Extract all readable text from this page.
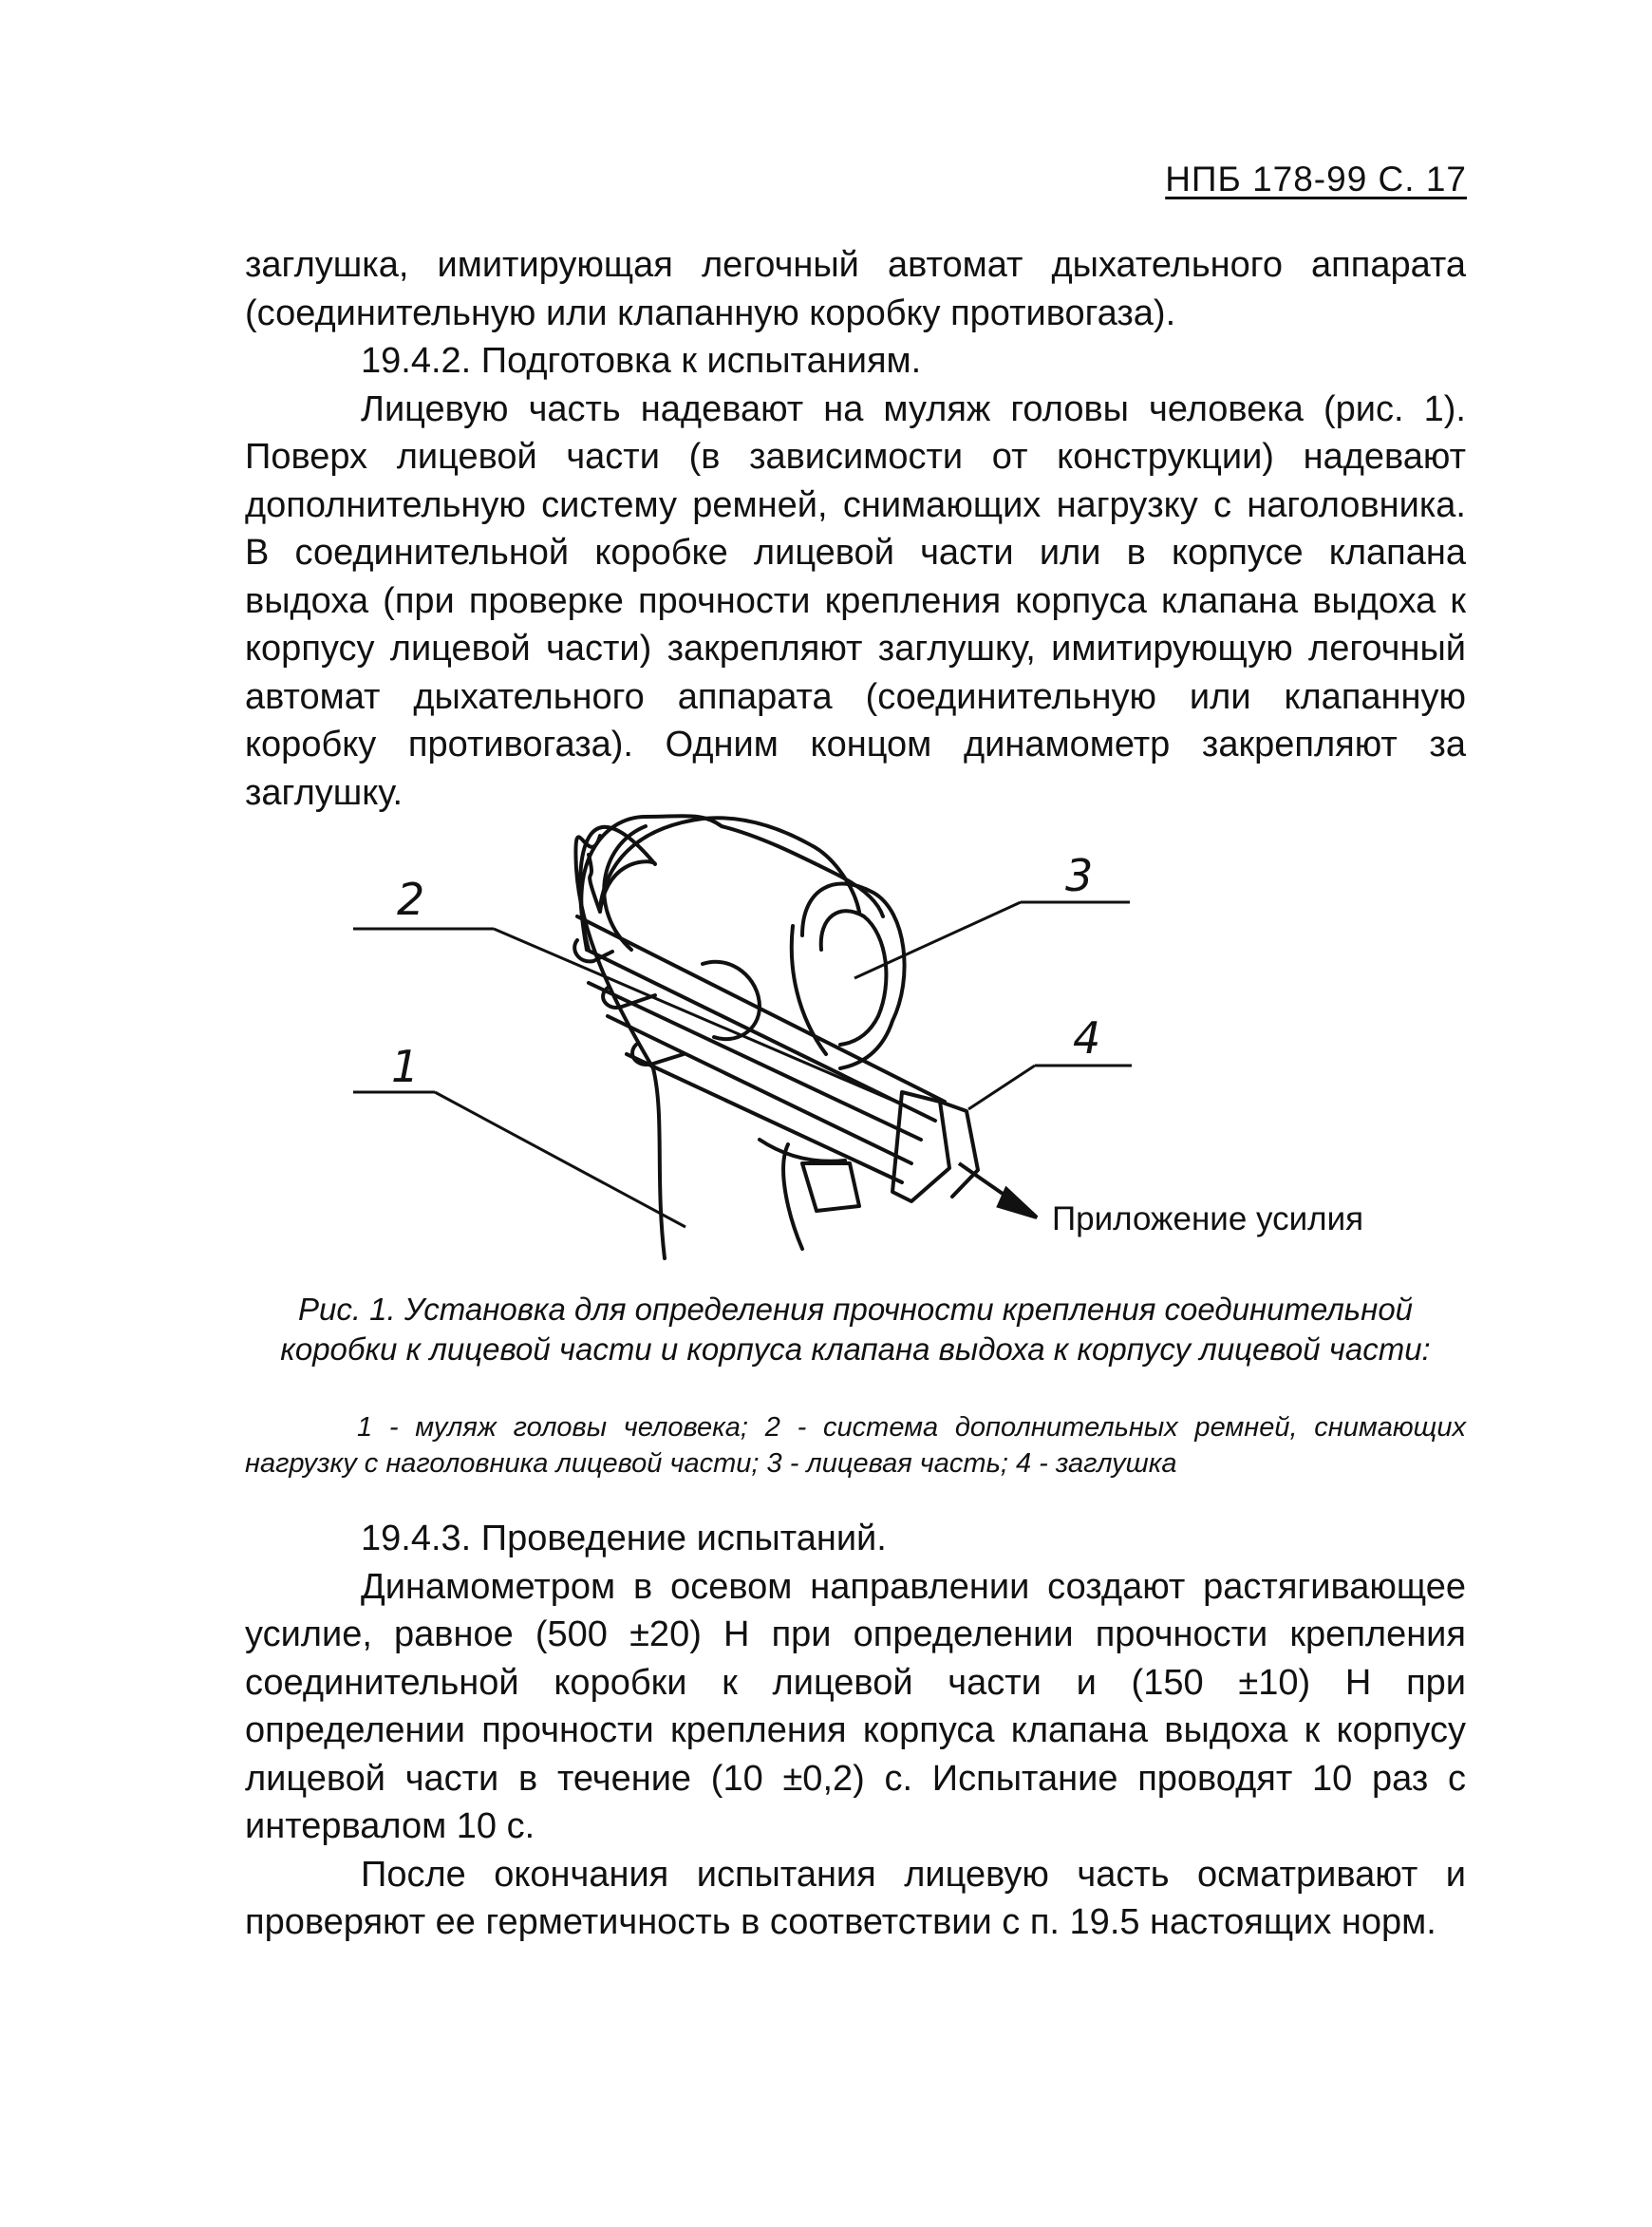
НПБ 178-99 С. 17

заглушка, имитирующая легочный автомат дыхательного аппарата (соединительную или клапанную коробку противогаза).

19.4.2. Подготовка к испытаниям.

Лицевую часть надевают на муляж головы человека (рис. 1). Поверх лицевой части (в зависимости от конструкции) надевают дополнительную систему ремней, снимающих нагрузку с наголовника. В соединительной коробке лицевой части или в корпусе клапана выдоха (при проверке прочности крепления корпуса клапана выдоха к корпусу лицевой части) закрепляют заглушку, имитирующую легочный автомат дыхательного аппарата (соединительную или клапанную коробку противогаза). Одним концом динамометр закрепляют за заглушку.

2
1
3
4
Приложение усилия
Рис. 1. Установка для определения прочности крепления соединительной коробки к лицевой части и корпуса клапана выдоха к корпусу лицевой части:
1 - муляж головы человека; 2 - система дополнительных ремней, снимающих нагрузку с наголовника лицевой части; 3 - лицевая часть; 4 - заглушка

19.4.3. Проведение испытаний.

Динамометром в осевом направлении создают растягивающее усилие, равное (500 ±20) Н при определении прочности крепления соединительной коробки к лицевой части и (150 ±10) Н при определении прочности крепления корпуса клапана выдоха к корпусу лицевой части в течение (10 ±0,2) с. Испытание проводят 10 раз с интервалом 10 с.

После окончания испытания лицевую часть осматривают и проверяют ее герметичность в соответствии с п. 19.5 настоящих норм.
